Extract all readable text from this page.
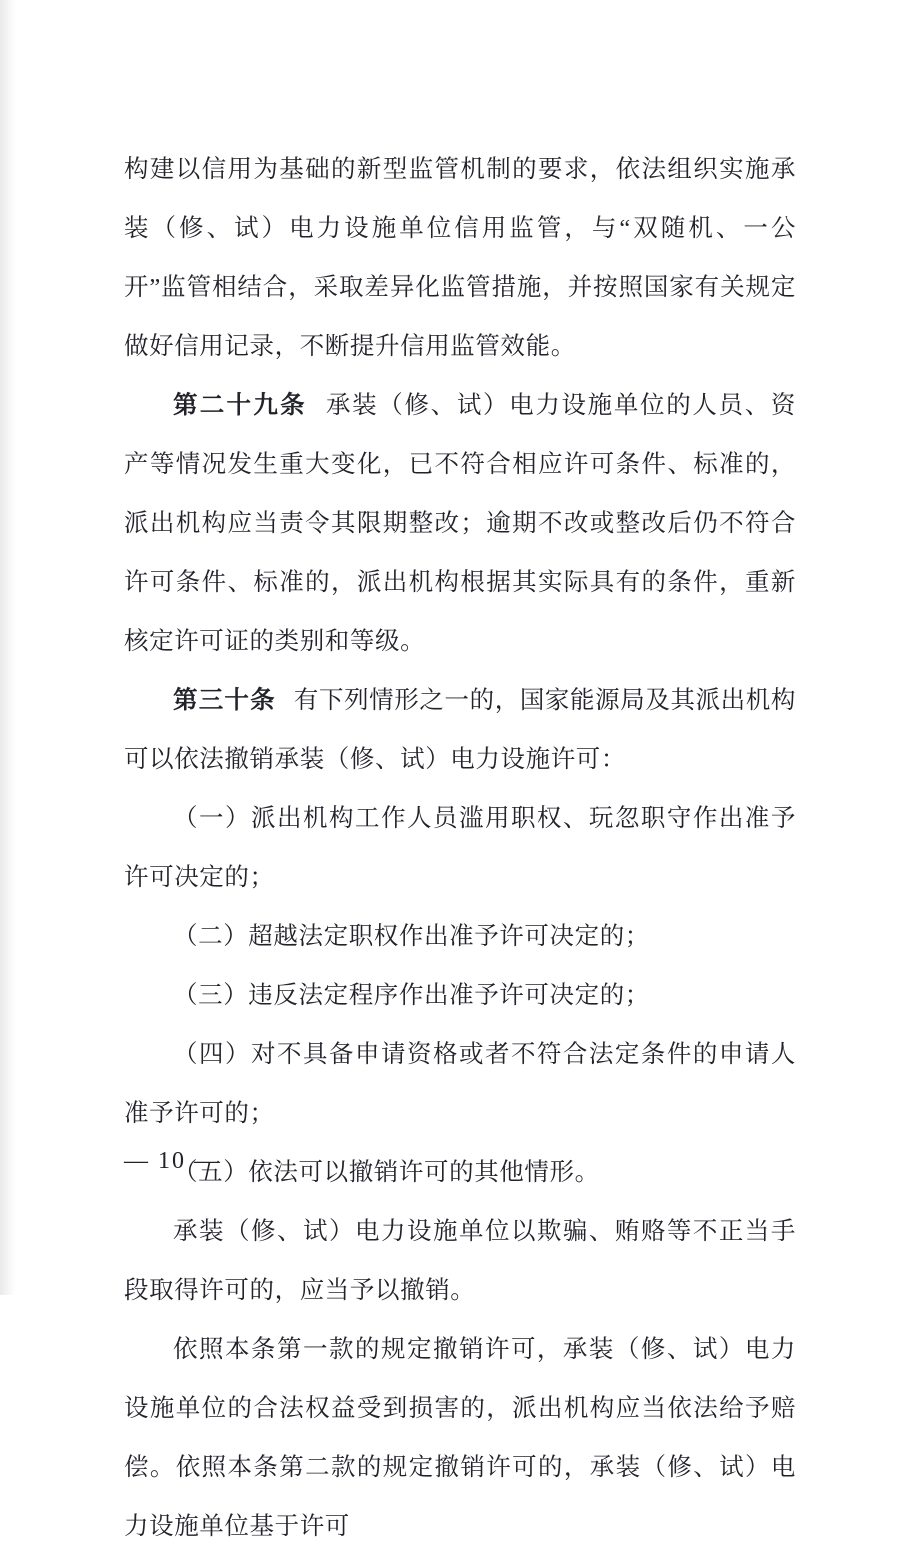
构建以信用为基础的新型监管机制的要求，依法组织实施承装（修、试）电力设施单位信用监管，与“双随机、一公开”监管相结合，采取差异化监管措施，并按照国家有关规定做好信用记录，不断提升信用监管效能。

第二十九条 承装（修、试）电力设施单位的人员、资产等情况发生重大变化，已不符合相应许可条件、标准的，派出机构应当责令其限期整改；逾期不改或整改后仍不符合许可条件、标准的，派出机构根据其实际具有的条件，重新核定许可证的类别和等级。

第三十条 有下列情形之一的，国家能源局及其派出机构可以依法撤销承装（修、试）电力设施许可：

（一）派出机构工作人员滥用职权、玩忽职守作出准予许可决定的；

（二）超越法定职权作出准予许可决定的；

（三）违反法定程序作出准予许可决定的；

（四）对不具备申请资格或者不符合法定条件的申请人准予许可的；

（五）依法可以撤销许可的其他情形。

承装（修、试）电力设施单位以欺骗、贿赂等不正当手段取得许可的，应当予以撤销。

依照本条第一款的规定撤销许可，承装（修、试）电力设施单位的合法权益受到损害的，派出机构应当依法给予赔偿。依照本条第二款的规定撤销许可的，承装（修、试）电力设施单位基于许可

— 10 —
